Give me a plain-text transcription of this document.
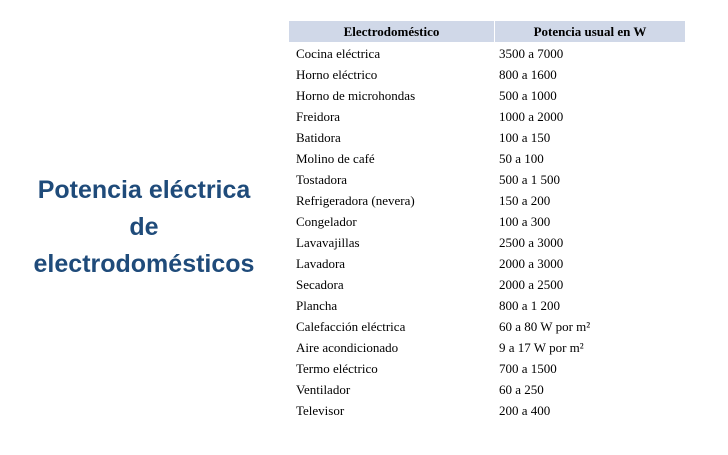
Potencia eléctrica
de
electrodomésticos
Electrodoméstico	Potencia usual en W
Cocina eléctrica	3500 a 7000
Horno eléctrico	800 a 1600
Horno de microhondas	500 a 1000
Freidora	1000 a 2000
Batidora	100 a 150
Molino de café	50 a 100
Tostadora	500 a 1 500
Refrigeradora (nevera)	150 a 200
Congelador	100 a 300
Lavavajillas	2500 a 3000
Lavadora	2000 a 3000
Secadora	2000 a 2500
Plancha	800 a 1 200
Calefacción eléctrica	60 a 80 W por m²
Aire acondicionado	9 a 17 W por m²
Termo eléctrico	700 a 1500
Ventilador	60 a 250
Televisor	200 a 400
